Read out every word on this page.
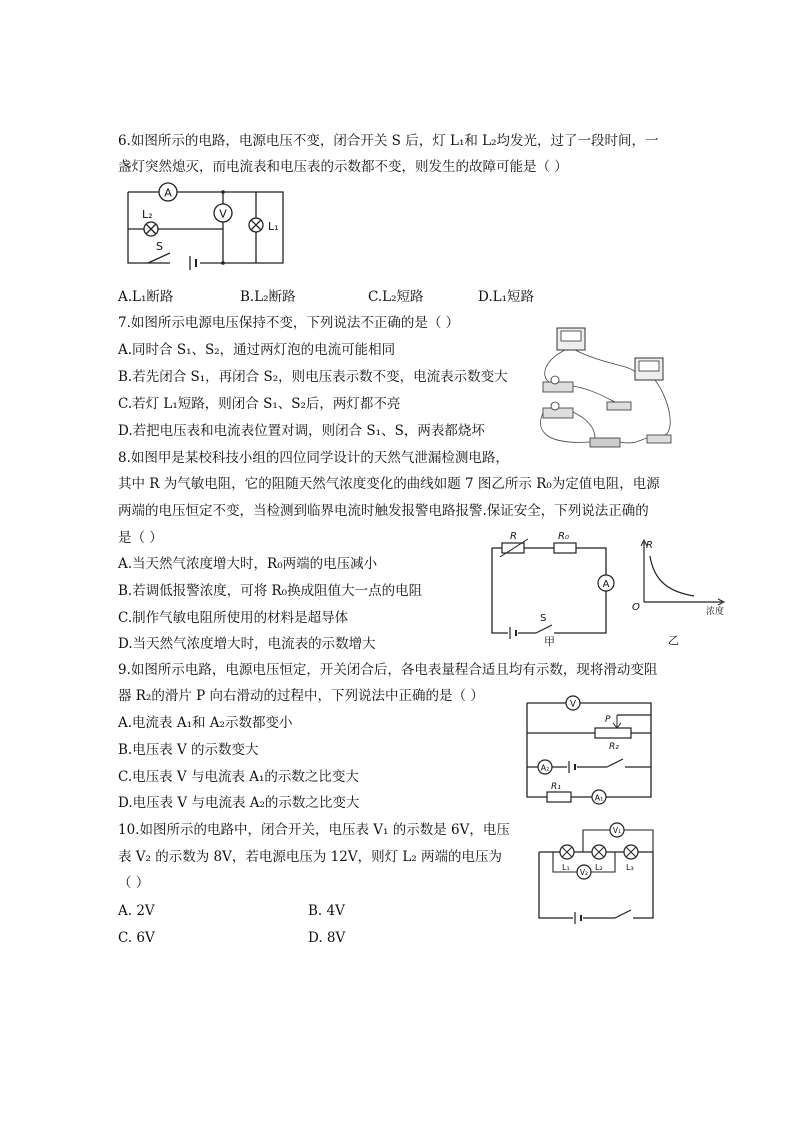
6.如图所示的电路，电源电压不变，闭合开关 S 后，灯 L₁和 L₂均发光，过了一段时间，一
盏灯突然熄灭，而电流表和电压表的示数都不变，则发生的故障可能是（ ）
A
V
L₁
L₂
S
A.L₁断路	B.L₂断路	C.L₂短路	D.L₁短路
7.如图所示电源电压保持不变，下列说法不正确的是（ ）
A.同时合 S₁、S₂，通过两灯泡的电流可能相同
B.若先闭合 S₁，再闭合 S₂，则电压表示数不变，电流表示数变大
C.若灯 L₁短路，则闭合 S₁、S₂后，两灯都不亮
D.若把电压表和电流表位置对调，则闭合 S₁、S，两表都烧坏
8.如图甲是某校科技小组的四位同学设计的天然气泄漏检测电路，
其中 R 为气敏电阻，它的阻随天然气浓度变化的曲线如题 7 图乙所示 R₀为定值电阻，电源
两端的电压恒定不变，当检测到临界电流时触发报警电路报警.保证安全，下列说法正确的
是（ ）
A.当天然气浓度增大时，R₀两端的电压减小
B.若调低报警浓度，可将 R₀换成阻值大一点的电阻
C.制作气敏电阻所使用的材料是超导体
D.当天然气浓度增大时，电流表的示数增大
R	R₀
A
S
甲
R
O	浓度
乙
9.如图所示电路，电源电压恒定，开关闭合后，各电表量程合适且均有示数，现将滑动变阻
器 R₂的滑片 P 向右滑动的过程中，下列说法中正确的是（ ）
A.电流表 A₁和 A₂示数都变小
B.电压表 V 的示数变大
C.电压表 V 与电流表 A₁的示数之比变大
D.电压表 V 与电流表 A₂的示数之比变大
V
P
R₂
A₂
R₁
A₁
10.如图所示的电路中，闭合开关，电压表 V₁ 的示数是 6V，电压
表 V₂ 的示数为 8V，若电源电压为 12V，则灯 L₂ 两端的电压为
（ ）
L₁	L₂	L₃
V₁
V₂
A. 2V	B. 4V
C. 6V	D. 8V
